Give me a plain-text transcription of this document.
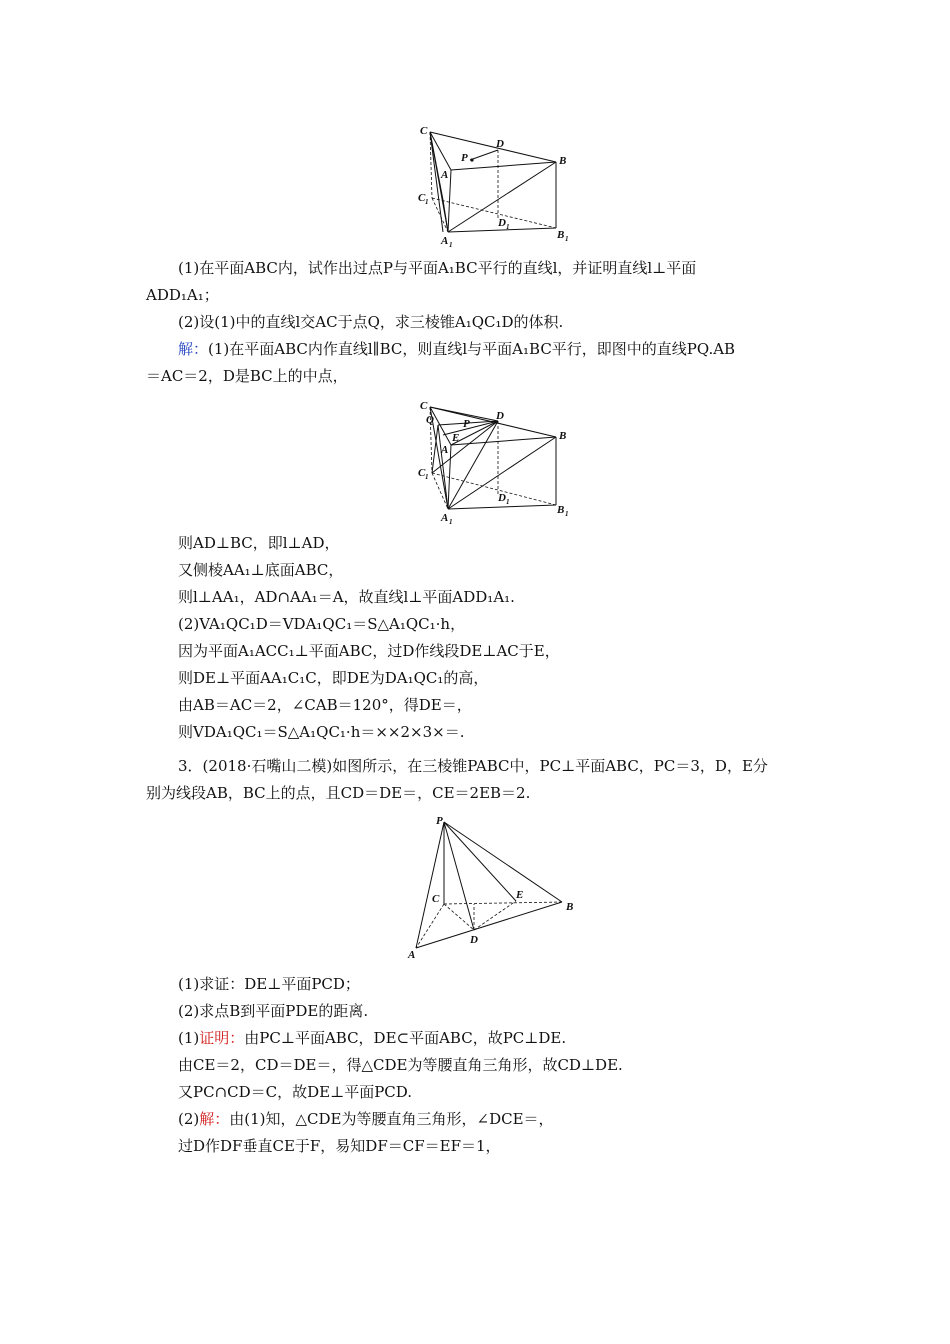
C
D
P	B
A
C 1
D 1
A 1
B 1
(1)在平面ABC内，试作出过点P与平面A₁BC平行的直线l，并证明直线l⊥平面
ADD₁A₁；
(2)设(1)中的直线l交AC于点Q，求三棱锥A₁QC₁D的体积.
解：(1)在平面ABC内作直线l∥BC，则直线l与平面A₁BC平行，即图中的直线PQ.AB
＝AC＝2，D是BC上的中点，
C
Q	P
D
E
A
B
C 1
D 1
A 1
B 1
则AD⊥BC，即l⊥AD，
又侧棱AA₁⊥底面ABC，
则l⊥AA₁，AD∩AA₁＝A，故直线l⊥平面ADD₁A₁.
(2)VA₁QC₁D＝VDA₁QC₁＝S△A₁QC₁·h，
因为平面A₁ACC₁⊥平面ABC，过D作线段DE⊥AC于E，
则DE⊥平面AA₁C₁C，即DE为DA₁QC₁的高，
由AB＝AC＝2，∠CAB＝120°，得DE＝，
则VDA₁QC₁＝S△A₁QC₁·h＝××2×3×＝.
3．(2018·石嘴山二模)如图所示，在三棱锥PABC中，PC⊥平面ABC，PC＝3，D，E分
别为线段AB，BC上的点，且CD＝DE＝，CE＝2EB＝2.
P
C	E
B
D
A
(1)求证：DE⊥平面PCD；
(2)求点B到平面PDE的距离.
(1)证明：由PC⊥平面ABC，DE⊂平面ABC，故PC⊥DE.
由CE＝2，CD＝DE＝，得△CDE为等腰直角三角形，故CD⊥DE.
又PC∩CD＝C，故DE⊥平面PCD.
(2)解：由(1)知，△CDE为等腰直角三角形，∠DCE＝，
过D作DF垂直CE于F，易知DF＝CF＝EF＝1，
